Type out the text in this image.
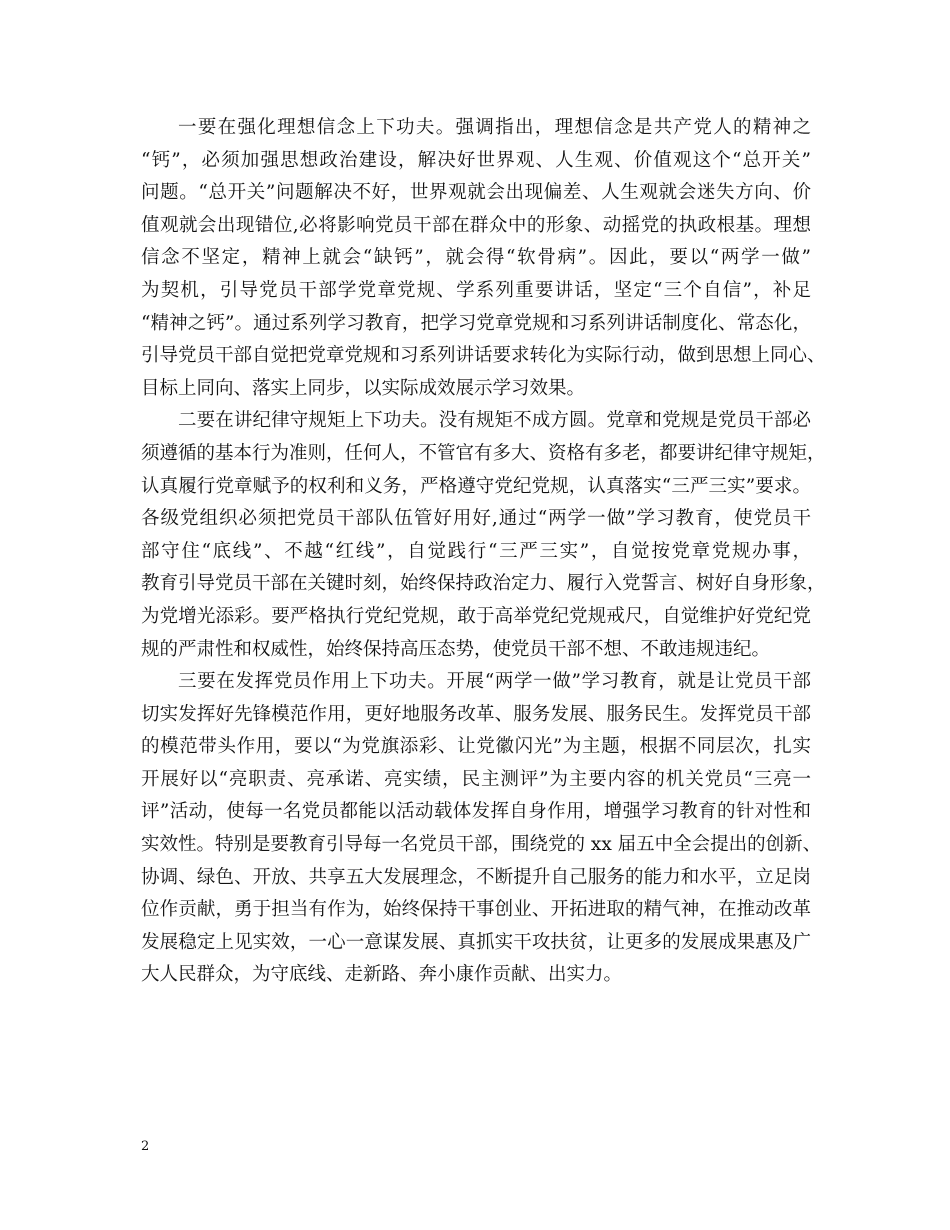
一要在强化理想信念上下功夫。强调指出，理想信念是共产党人的精神之
“钙”，必须加强思想政治建设，解决好世界观、人生观、价值观这个“总开关”
问题。“总开关”问题解决不好，世界观就会出现偏差、人生观就会迷失方向、价
值观就会出现错位,必将影响党员干部在群众中的形象、动摇党的执政根基。理想
信念不坚定，精神上就会“缺钙”，就会得“软骨病”。因此，要以“两学一做”
为契机，引导党员干部学党章党规、学系列重要讲话，坚定“三个自信”，补足
“精神之钙”。通过系列学习教育，把学习党章党规和习系列讲话制度化、常态化，
引导党员干部自觉把党章党规和习系列讲话要求转化为实际行动，做到思想上同心、
目标上同向、落实上同步，以实际成效展示学习效果。
二要在讲纪律守规矩上下功夫。没有规矩不成方圆。党章和党规是党员干部必
须遵循的基本行为准则，任何人，不管官有多大、资格有多老，都要讲纪律守规矩，
认真履行党章赋予的权利和义务，严格遵守党纪党规，认真落实“三严三实”要求。
各级党组织必须把党员干部队伍管好用好,通过“两学一做”学习教育，使党员干
部守住“底线”、不越“红线”，自觉践行“三严三实”，自觉按党章党规办事，
教育引导党员干部在关键时刻，始终保持政治定力、履行入党誓言、树好自身形象，
为党增光添彩。要严格执行党纪党规，敢于高举党纪党规戒尺，自觉维护好党纪党
规的严肃性和权威性，始终保持高压态势，使党员干部不想、不敢违规违纪。
三要在发挥党员作用上下功夫。开展“两学一做”学习教育，就是让党员干部
切实发挥好先锋模范作用，更好地服务改革、服务发展、服务民生。发挥党员干部
的模范带头作用，要以“为党旗添彩、让党徽闪光”为主题，根据不同层次，扎实
开展好以“亮职责、亮承诺、亮实绩，民主测评”为主要内容的机关党员“三亮一
评”活动，使每一名党员都能以活动载体发挥自身作用，增强学习教育的针对性和
实效性。特别是要教育引导每一名党员干部，围绕党的 xx 届五中全会提出的创新、
协调、绿色、开放、共享五大发展理念，不断提升自己服务的能力和水平，立足岗
位作贡献，勇于担当有作为，始终保持干事创业、开拓进取的精气神，在推动改革
发展稳定上见实效，一心一意谋发展、真抓实干攻扶贫，让更多的发展成果惠及广
大人民群众，为守底线、走新路、奔小康作贡献、出实力。
2
